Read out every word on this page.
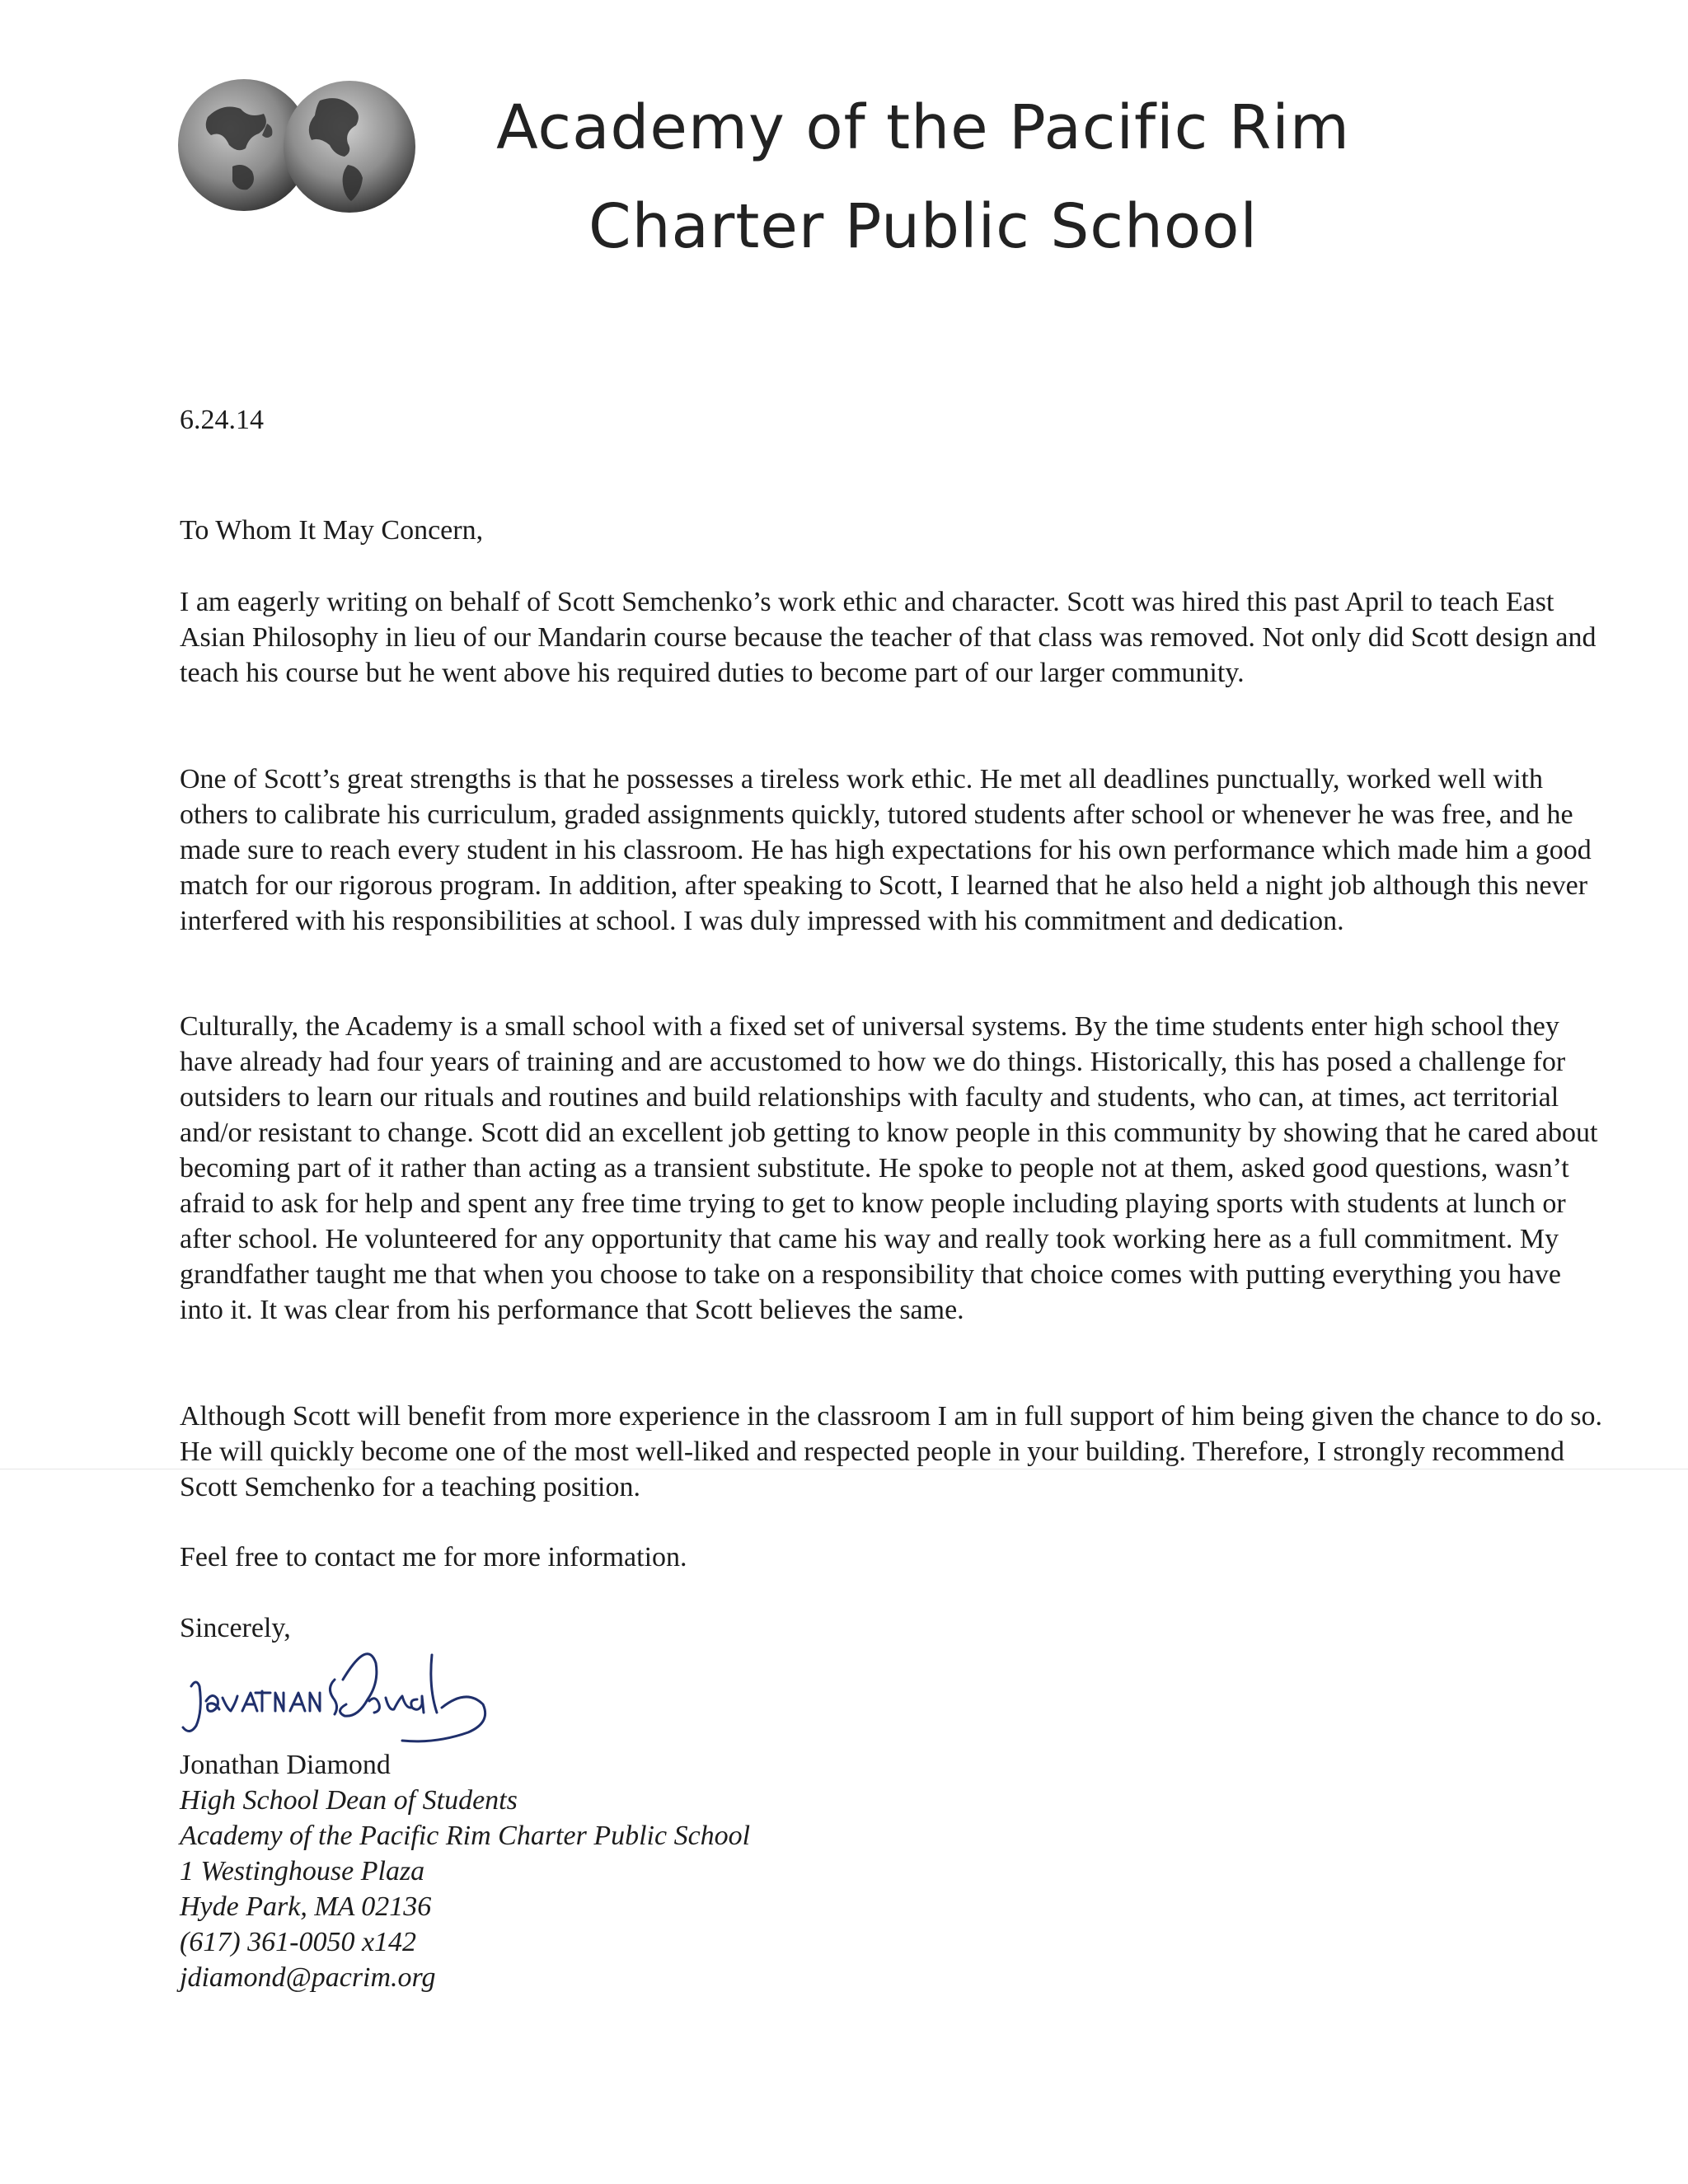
Academy of the Pacific Rim
Charter Public School
6.24.14
To Whom It May Concern,

I am eagerly writing on behalf of Scott Semchenko’s work ethic and character. Scott was hired this past April to teach East Asian Philosophy in lieu of our Mandarin course because the teacher of that class was removed. Not only did Scott design and teach his course but he went above his required duties to become part of our larger community.

One of Scott’s great strengths is that he possesses a tireless work ethic. He met all deadlines punctually, worked well with others to calibrate his curriculum, graded assignments quickly, tutored students after school or whenever he was free, and he made sure to reach every student in his classroom. He has high expectations for his own performance which made him a good match for our rigorous program. In addition, after speaking to Scott, I learned that he also held a night job although this never interfered with his responsibilities at school. I was duly impressed with his commitment and dedication.

Culturally, the Academy is a small school with a fixed set of universal systems. By the time students enter high school they have already had four years of training and are accustomed to how we do things. Historically, this has posed a challenge for outsiders to learn our rituals and routines and build relationships with faculty and students, who can, at times, act territorial and/or resistant to change. Scott did an excellent job getting to know people in this community by showing that he cared about becoming part of it rather than acting as a transient substitute. He spoke to people not at them, asked good questions, wasn’t afraid to ask for help and spent any free time trying to get to know people including playing sports with students at lunch or after school. He volunteered for any opportunity that came his way and really took working here as a full commitment. My grandfather taught me that when you choose to take on a responsibility that choice comes with putting everything you have into it. It was clear from his performance that Scott believes the same.

Although Scott will benefit from more experience in the classroom I am in full support of him being given the chance to do so. He will quickly become one of the most well-liked and respected people in your building. Therefore, I strongly recommend Scott Semchenko for a teaching position.

Feel free to contact me for more information.

Sincerely,
Jonathan Diamond
High School Dean of Students
Academy of the Pacific Rim Charter Public School
1 Westinghouse Plaza
Hyde Park, MA 02136
(617) 361-0050 x142
jdiamond@pacrim.org
